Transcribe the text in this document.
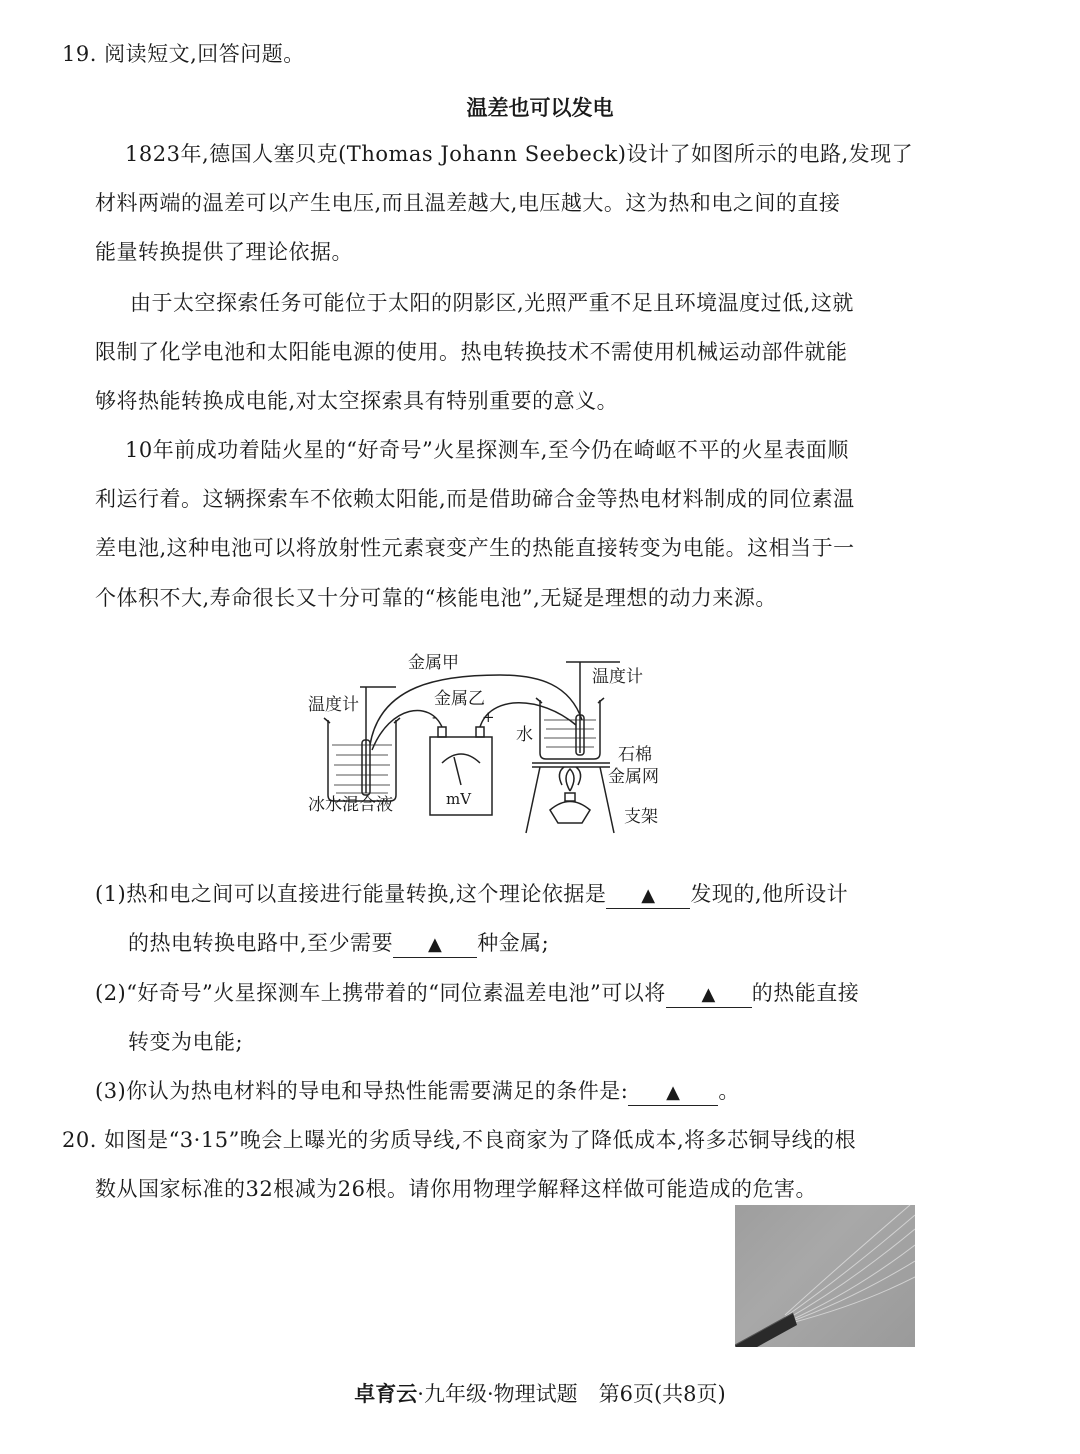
19. 阅读短文,回答问题。
温差也可以发电
1823年,德国人塞贝克(Thomas Johann Seebeck)设计了如图所示的电路,发现了
材料两端的温差可以产生电压,而且温差越大,电压越大。这为热和电之间的直接
能量转换提供了理论依据。
由于太空探索任务可能位于太阳的阴影区,光照严重不足且环境温度过低,这就
限制了化学电池和太阳能电源的使用。热电转换技术不需使用机械运动部件就能
够将热能转换成电能,对太空探索具有特别重要的意义。
10年前成功着陆火星的“好奇号”火星探测车,至今仍在崎岖不平的火星表面顺
利运行着。这辆探索车不依赖太阳能,而是借助碲合金等热电材料制成的同位素温
差电池,这种电池可以将放射性元素衰变产生的热能直接转变为电能。这相当于一
个体积不大,寿命很长又十分可靠的“核能电池”,无疑是理想的动力来源。
金属甲
金属乙
温度计
温度计
水
石棉
金属网
冰水混合液	mV
支架
-	+
(1)热和电之间可以直接进行能量转换,这个理论依据是 ▲ 发现的,他所设计
的热电转换电路中,至少需要 ▲ 种金属;
(2)“好奇号”火星探测车上携带着的“同位素温差电池”可以将 ▲ 的热能直接
转变为电能;
(3)你认为热电材料的导电和导热性能需要满足的条件是: ▲ 。
20. 如图是“3·15”晚会上曝光的劣质导线,不良商家为了降低成本,将多芯铜导线的根
数从国家标准的32根减为26根。请你用物理学解释这样做可能造成的危害。
卓育云·九年级·物理试题　第6页(共8页)
